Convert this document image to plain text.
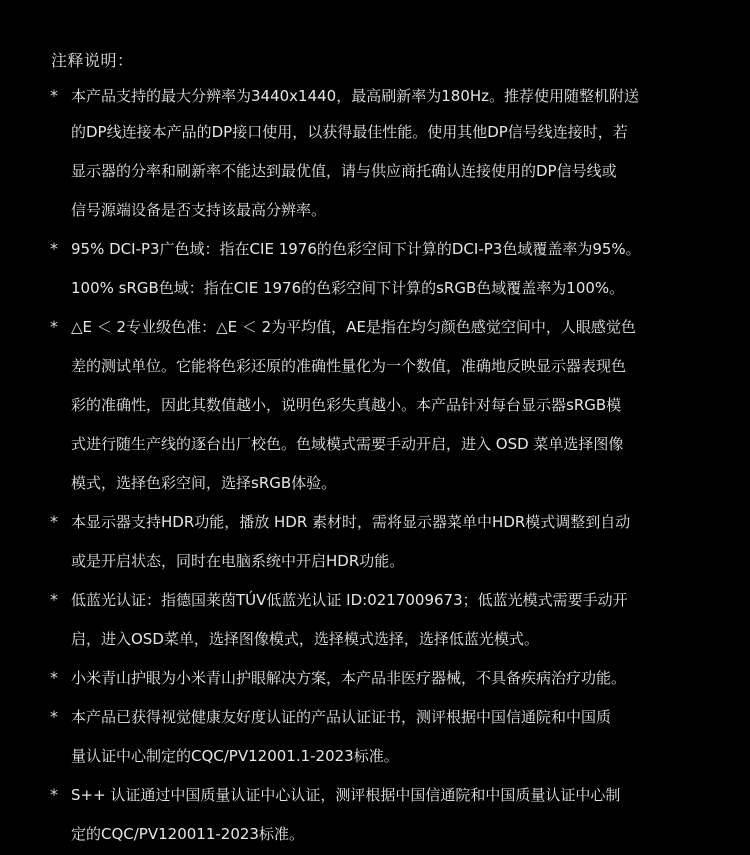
注释说明：
* 本产品支持的最大分辨率为3440x1440，最高刷新率为180Hz。推荐使用随整机附送
的DP线连接本产品的DP接口使用，以获得最佳性能。使用其他DP信号线连接时，若
显示器的分率和刷新率不能达到最优值，请与供应商托确认连接使用的DP信号线或
信号源端设备是否支持该最高分辨率。
* 95% DCI-P3广色域：指在CIE 1976的色彩空间下计算的DCI-P3色域覆盖率为95%。
100% sRGB色域：指在CIE 1976的色彩空间下计算的sRGB色域覆盖率为100%。
* △E ＜ 2专业级色准：△E ＜ 2为平均值，AE是指在均匀颜色感觉空间中，人眼感觉色
差的测试单位。它能将色彩还原的准确性量化为一个数值，准确地反映显示器表现色
彩的准确性，因此其数值越小，说明色彩失真越小。本产品针对每台显示器sRGB模
式进行随生产线的逐台出厂校色。色域模式需要手动开启，进入 OSD 菜单选择图像
模式，选择色彩空间，选择sRGB体验。
* 本显示器支持HDR功能，播放 HDR 素材时，需将显示器菜单中HDR模式调整到自动
或是开启状态，同时在电脑系统中开启HDR功能。
* 低蓝光认证：指德国莱茵TÚV低蓝光认证 ID:0217009673；低蓝光模式需要手动开
启，进入OSD菜单，选择图像模式，选择模式选择，选择低蓝光模式。
* 小米青山护眼为小米青山护眼解决方案，本产品非医疗器械，不具备疾病治疗功能。
* 本产品已获得视觉健康友好度认证的产品认证证书，测评根据中国信通院和中国质
量认证中心制定的CQC/PV12001.1-2023标准。
* S++ 认证通过中国质量认证中心认证，测评根据中国信通院和中国质量认证中心制
定的CQC/PV120011-2023标准。
